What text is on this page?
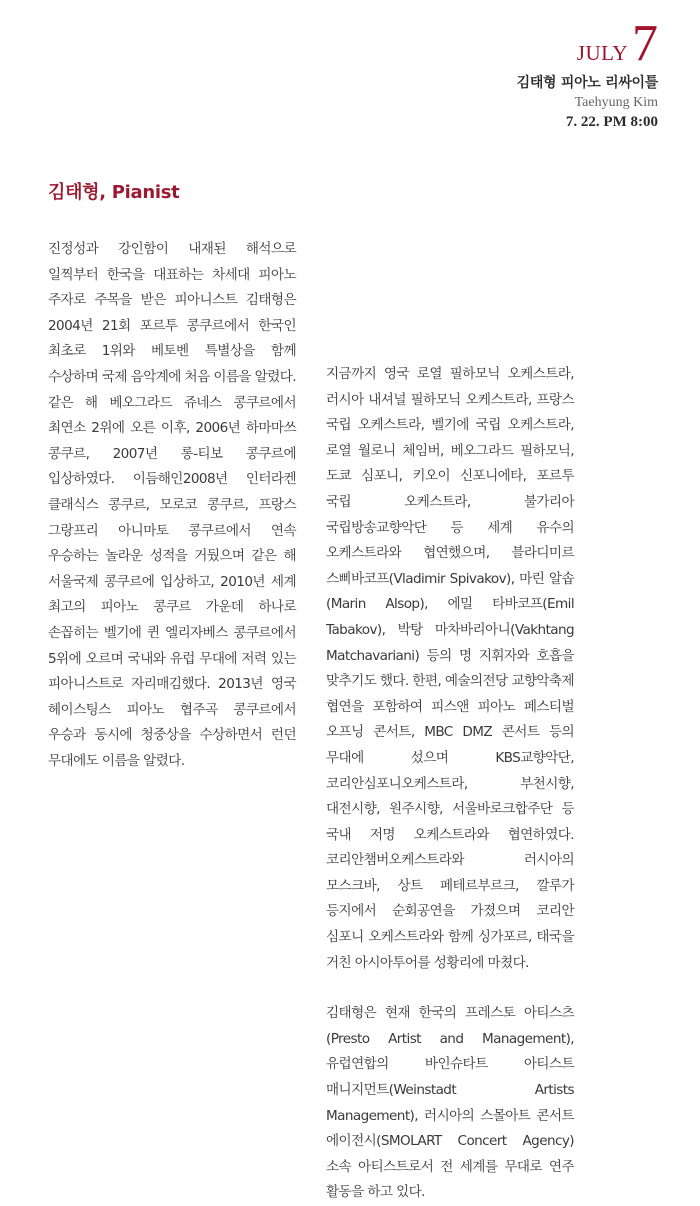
JULY 7
김태형 피아노 리싸이틀
Taehyung Kim
7. 22. PM 8:00
김태형, Pianist

진정성과 강인함이 내재된 해석으로 일찍부터 한국을 대표하는 차세대 피아노 주자로 주목을 받은 피아니스트 김태형은 2004년 21회 포르투 콩쿠르에서 한국인 최초로 1위와 베토벤 특별상을 함께 수상하며 국제 음악계에 처음 이름을 알렸다. 같은 해 베오그라드 쥬네스 콩쿠르에서 최연소 2위에 오른 이후, 2006년 하마마쓰 콩쿠르, 2007년 롱-티보 콩쿠르에 입상하였다. 이듬해인2008년 인터라켄 클래식스 콩쿠르, 모로코 콩쿠르, 프랑스 그랑프리 아니마토 콩쿠르에서 연속 우승하는 놀라운 성적을 거뒀으며 같은 해 서울국제 콩쿠르에 입상하고, 2010년 세계 최고의 피아노 콩쿠르 가운데 하나로 손꼽히는 벨기에 퀸 엘리자베스 콩쿠르에서 5위에 오르며 국내와 유럽 무대에 저력 있는 피아니스트로 자리매김했다. 2013년 영국 헤이스팅스 피아노 협주곡 콩쿠르에서 우승과 동시에 청중상을 수상하면서 런던 무대에도 이름을 알렸다.

지금까지 영국 로열 필하모닉 오케스트라, 러시아 내셔널 필하모닉 오케스트라, 프랑스 국립 오케스트라, 벨기에 국립 오케스트라, 로열 월로니 체임버, 베오그라드 필하모닉, 도쿄 심포니, 키오이 신포니에타, 포르투 국립 오케스트라, 불가리아 국립방송교향악단 등 세계 유수의 오케스트라와 협연했으며, 블라디미르 스삐바코프(Vladimir Spivakov), 마린 알솝(Marin Alsop), 에밀 타바코프(Emil Tabakov), 박탕 마차바리아니(Vakhtang Matchavariani) 등의 명 지휘자와 호흡을 맞추기도 했다. 한편, 예술의전당 교향악축제 협연을 포함하여 피스앤 피아노 페스티벌 오프닝 콘서트, MBC DMZ 콘서트 등의 무대에 섰으며 KBS교향악단, 코리안심포니오케스트라, 부천시향, 대전시향, 원주시향, 서울바로크합주단 등 국내 저명 오케스트라와 협연하였다. 코리안챔버오케스트라와 러시아의 모스크바, 상트 페테르부르크, 깔루가 등지에서 순회공연을 가졌으며 코리안 심포니 오케스트라와 함께 싱가포르, 태국을 거친 아시아투어를 성황리에 마쳤다.

김태형은 현재 한국의 프레스토 아티스츠(Presto Artist and Management), 유럽연합의 바인슈타트 아티스트 매니지먼트(Weinstadt Artists Management), 러시아의 스몰아트 콘서트 에이전시(SMOLART Concert Agency) 소속 아티스트로서 전 세계를 무대로 연주 활동을 하고 있다.
